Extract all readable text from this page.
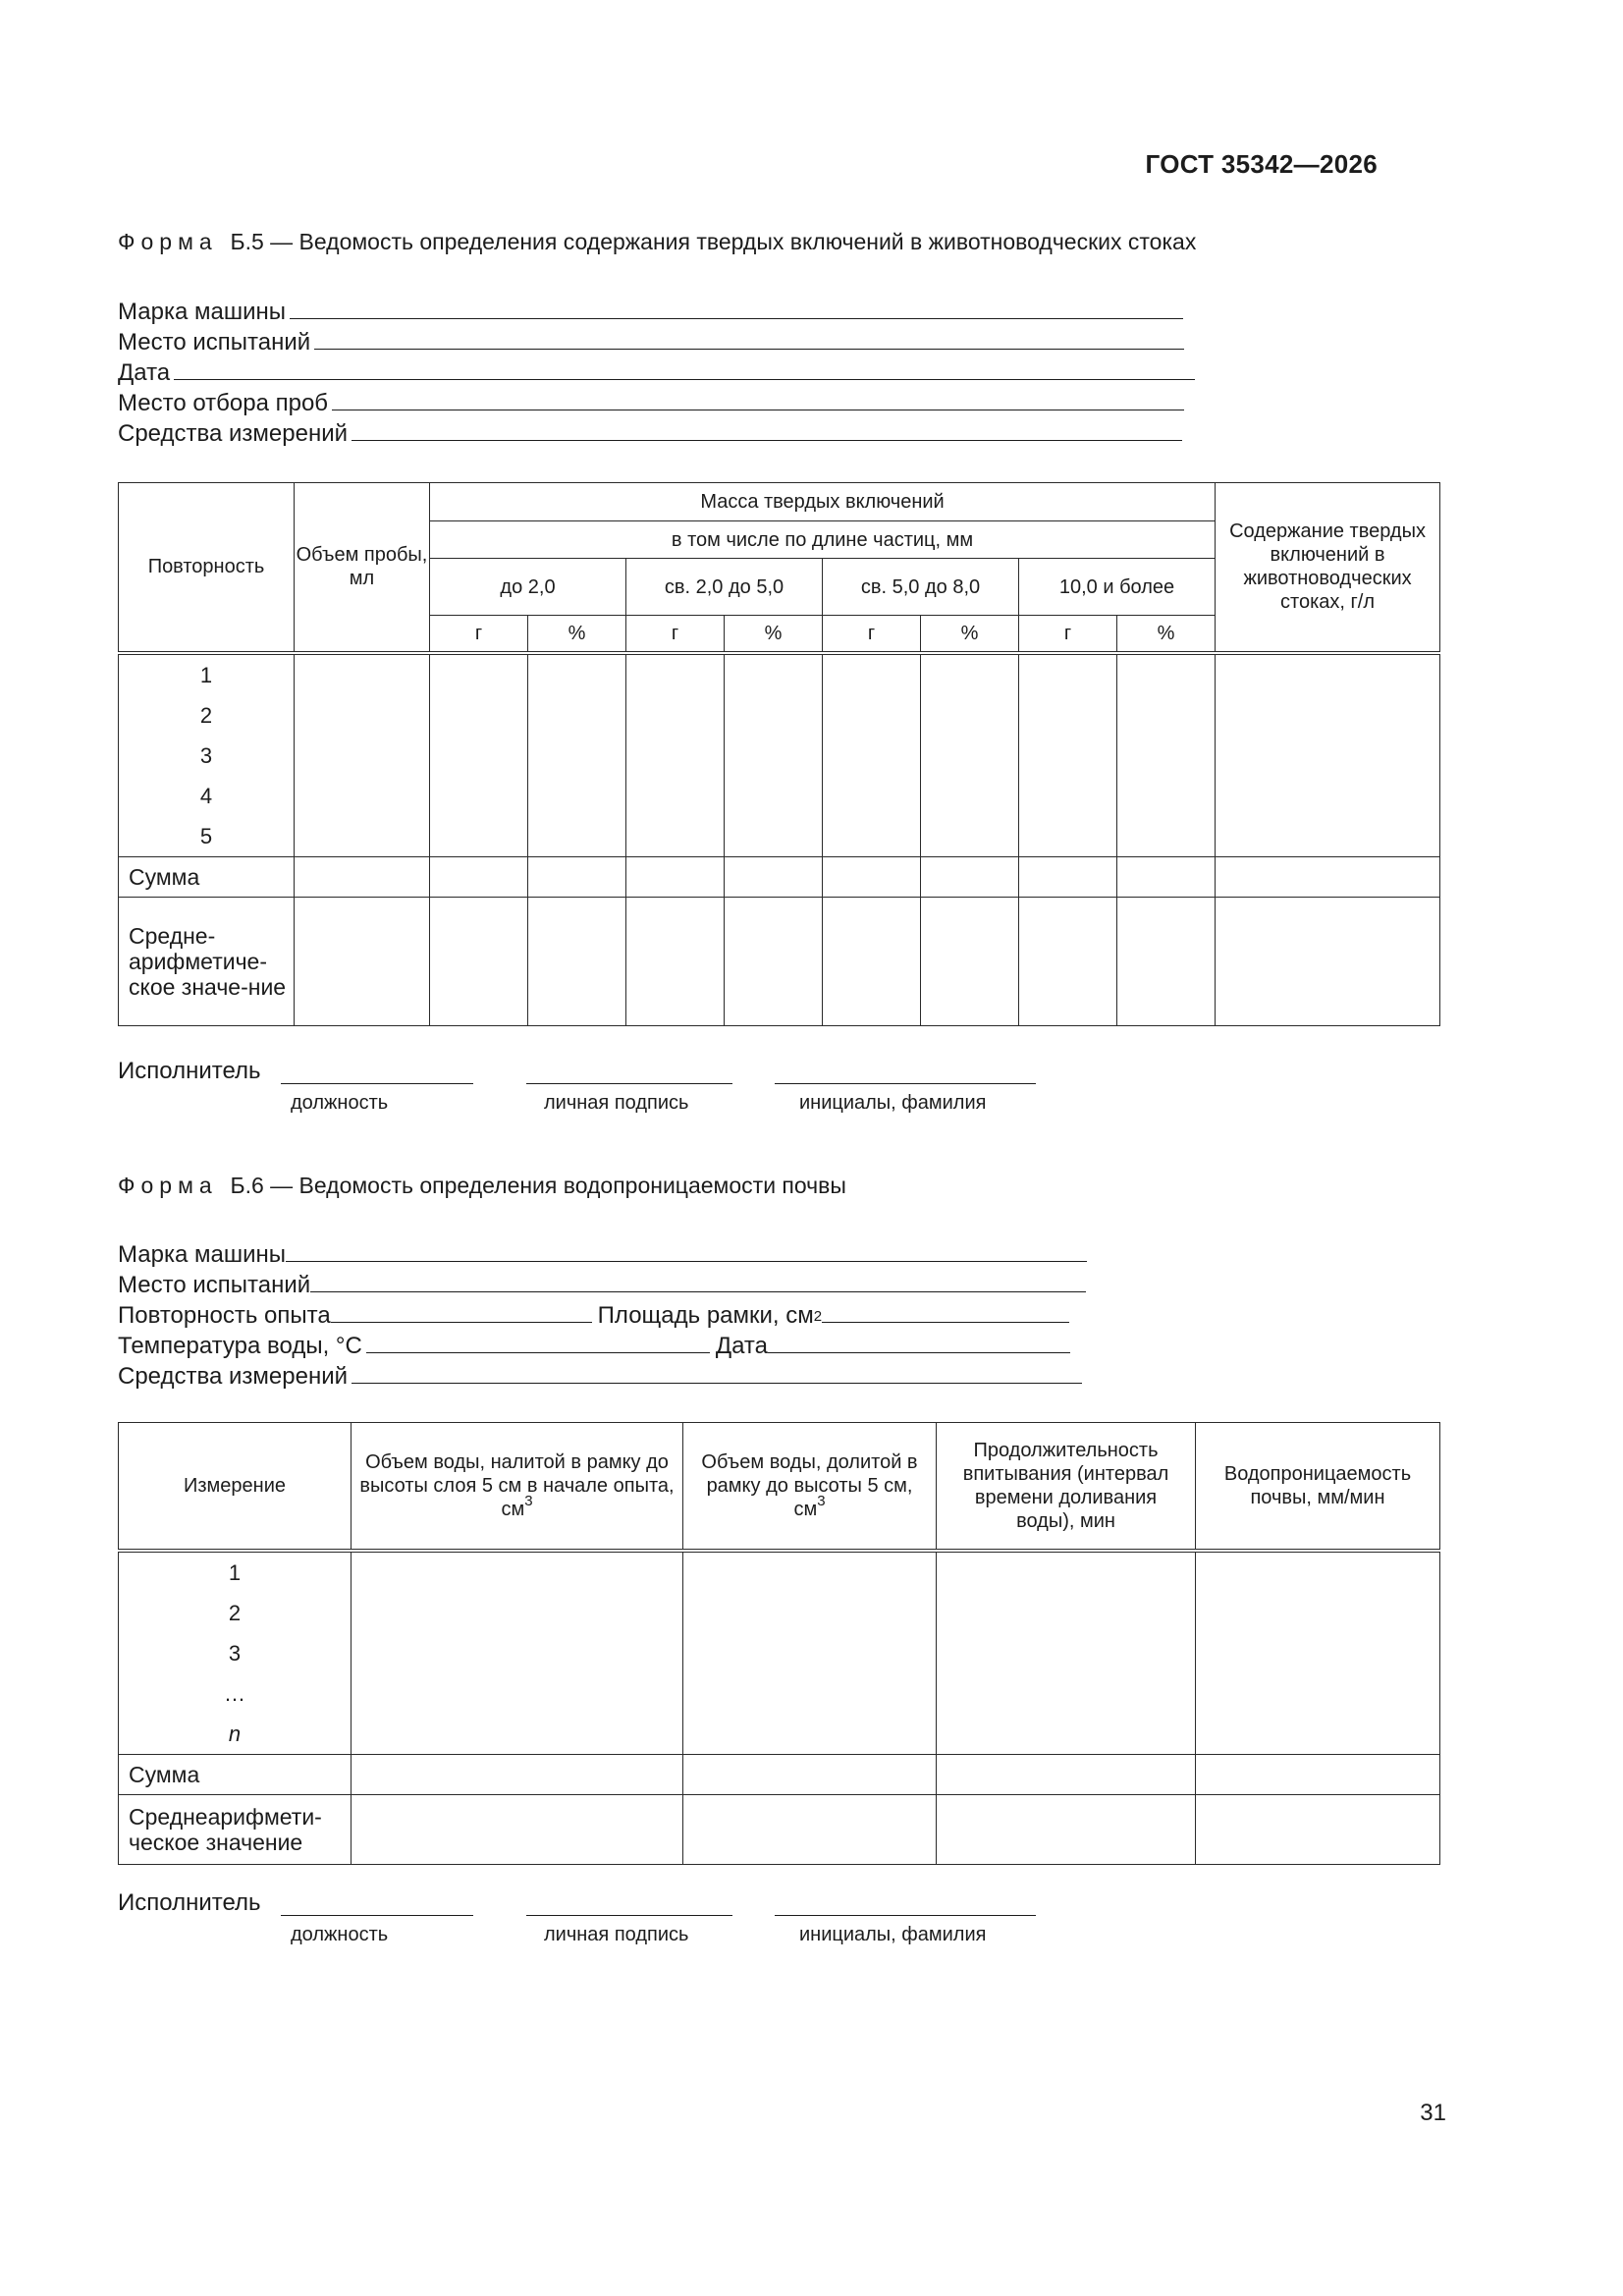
ГОСТ 35342—2026
Форма Б.5 — Ведомость определения содержания твердых включений в животноводческих стоках
Марка машины
Место испытаний
Дата
Место отбора проб
Средства измерений
Повторность	Объем пробы, мл	Масса твердых включений								Содержание твердых включений в животноводческих стоках, г/л
		в том числе по длине частиц, мм								
		до 2,0		св. 2,0 до 5,0		св. 5,0 до 8,0		10,0 и более		
		г	%	г	%	г	%	г	%	

1
2
3
4
5										

Сумма										
Средне-арифметиче-ское значе-ние										
Исполнитель
должность	личная подпись	инициалы, фамилия
Форма Б.6 — Ведомость определения водопроницаемости почвы
Марка машины
Место испытаний
Повторность опыта	Площадь рамки, $см^2$
Температура воды, °C	Дата
Средства измерений
Измерение	Объем воды, налитой в рамку до высоты слоя 5 см в начале опыта, $см^3$	Объем воды, долитой в рамку до высоты 5 см, $см^3$	Продолжительность впитывания (интервал времени доливания воды), мин	Водопроницаемость почвы, мм/мин

1
2
3
…
n				

Сумма				
Среднеарифмети-ческое значение				
Исполнитель
должность	личная подпись	инициалы, фамилия
31
